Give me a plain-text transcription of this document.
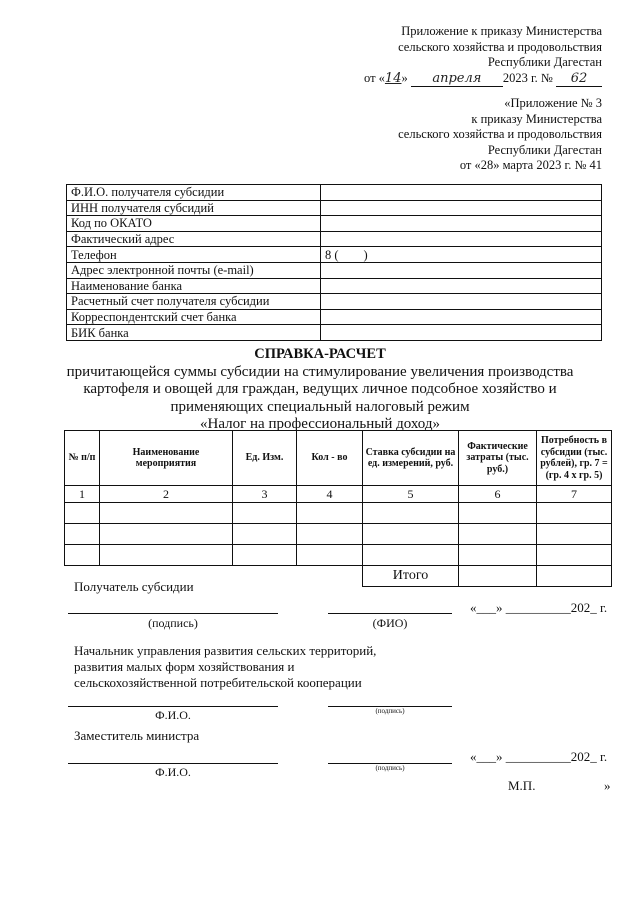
Приложение к приказу Министерства
сельского хозяйства и продовольствия
Республики Дагестан
от «14» апреля 2023 г. № 62
«Приложение № 3
к приказу Министерства
сельского хозяйства и продовольствия
Республики Дагестан
от «28» марта 2023 г. № 41
Ф.И.О. получателя субсидии	
ИНН получателя субсидий	
Код по ОКАТО	
Фактический адрес	
Телефон	8 (        )
Адрес электронной почты (e-mail)	
Наименование банка	
Расчетный счет получателя субсидии	
Корреспондентский счет банка	
БИК банка	
СПРАВКА-РАСЧЕТ
причитающейся суммы субсидии на стимулирование увеличения производства
картофеля и овощей для граждан, ведущих личное подсобное хозяйство и
применяющих специальный налоговый режим
«Налог на профессиональный доход»
№ п/п	Наименование мероприятия	Ед. Изм.	Кол - во	Ставка субсидии на ед. измерений, руб.	Фактические затраты (тыс. руб.)	Потребность в субсидии (тыс. рублей), гр. 7 = (гр. 4 х гр. 5)
1	2	3	4	5	6	7

				Итого		
Получатель субсидии
(подпись)	(ФИО)
«___» __________202_ г.
Начальник управления развития сельских территорий,
развития малых форм хозяйствования и
сельскохозяйственной потребительской кооперации
Ф.И.О.	(подпись)
Заместитель министра
Ф.И.О.	(подпись)
«___» __________202_ г.
М.П.	»
